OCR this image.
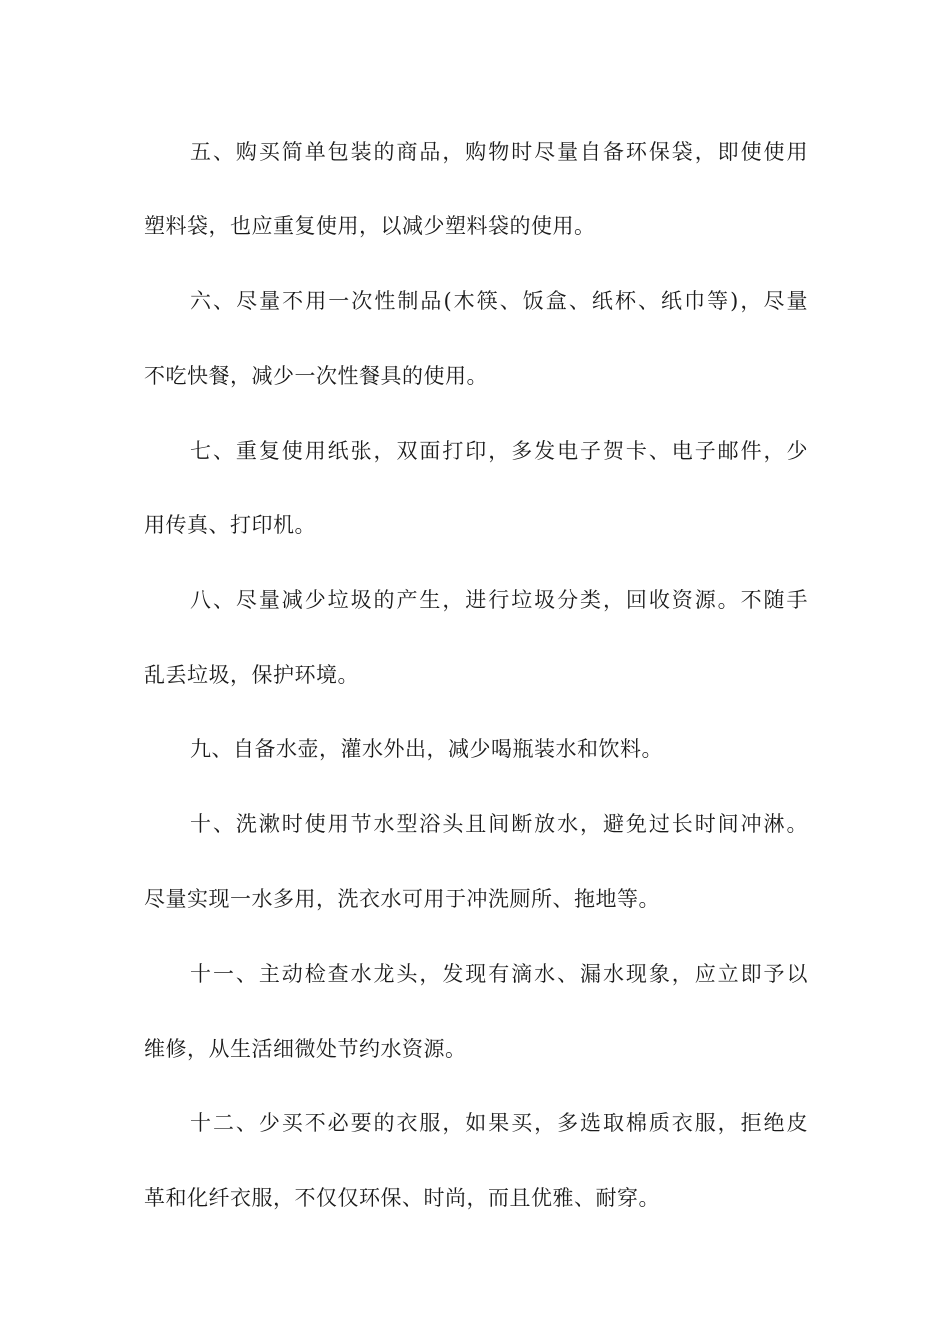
五、购买简单包装的商品，购物时尽量自备环保袋，即使使用
塑料袋，也应重复使用，以减少塑料袋的使用。
六、尽量不用一次性制品(木筷、饭盒、纸杯、纸巾等)，尽量
不吃快餐，减少一次性餐具的使用。
七、重复使用纸张，双面打印，多发电子贺卡、电子邮件，少
用传真、打印机。
八、尽量减少垃圾的产生，进行垃圾分类，回收资源。不随手
乱丢垃圾，保护环境。
九、自备水壶，灌水外出，减少喝瓶装水和饮料。
十、洗漱时使用节水型浴头且间断放水，避免过长时间冲淋。
尽量实现一水多用，洗衣水可用于冲洗厕所、拖地等。
十一、主动检查水龙头，发现有滴水、漏水现象，应立即予以
维修，从生活细微处节约水资源。
十二、少买不必要的衣服，如果买，多选取棉质衣服，拒绝皮
革和化纤衣服，不仅仅环保、时尚，而且优雅、耐穿。
